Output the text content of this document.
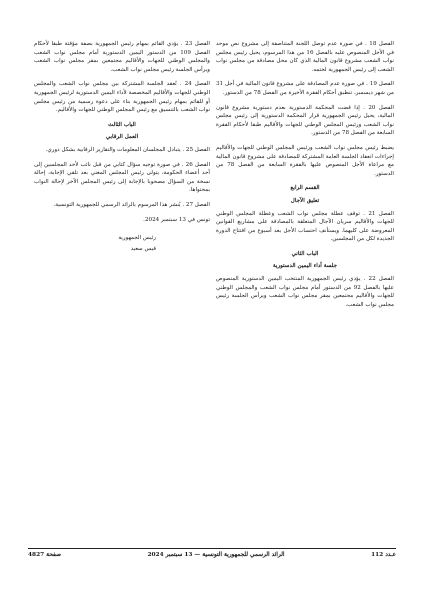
الفصل 18 . في صورة عدم توصل اللجنة المتناصفة إلى مشروع نص موحد في الأجل المنصوص عليه بالفصل 16 من هذا المرسوم، يحيل رئيس مجلس نواب الشعب مشروع قانون المالية الذي كان محل مصادقة من مجلس نواب الشعب إلى رئيس الجمهورية لختمه.

الفصل 19 . في صورة عدم المصادقة على مشروع قانون المالية في أجل 31 من شهر ديسمبر، تنطبق أحكام الفقرة الأخيرة من الفصل 78 من الدستور.

الفصل 20 . إذا قضت المحكمة الدستورية بعدم دستورية مشروع قانون المالية، يحيل رئيس الجمهورية قرار المحكمة الدستورية إلى رئيس مجلس نواب الشعب ورئيس المجلس الوطني للجهات والأقاليم طبقا لأحكام الفقرة السابعة من الفصل 78 من الدستور.

يضبط رئيس مجلس نواب الشعب ورئيس المجلس الوطني للجهات والأقاليم إجراءات انعقاد الجلسة العامة المشتركة للمصادقة على مشروع قانون المالية مع مراعاة الأجل المنصوص عليها بالفقرة السابعة من الفصل 78 من الدستور.

القسم الرابع
تعليق الآجال

الفصل 21 . توقف عطلة مجلس نواب الشعب وعطلة المجلس الوطني للجهات والأقاليم سريان الآجال المتعلقة بالمصادقة على مشاريع القوانين المعروضة على كليهما. ويستأنف احتساب الأجل بعد أسبوع من افتتاح الدورة الجديدة لكل من المجلسين.

الباب الثاني
جلسة أداء اليمين الدستورية

الفصل 22 . يؤدي رئيس الجمهورية المنتخب اليمين الدستورية المنصوص عليها بالفصل 92 من الدستور أمام مجلس نواب الشعب والمجلس الوطني للجهات والأقاليم مجتمعين بمقر مجلس نواب الشعب ويرأس الجلسة رئيس مجلس نواب الشعب.

الفصل 23 . يؤدي القائم بمهام رئيس الجمهورية بصفة مؤقتة طبقا لأحكام الفصل 109 من الدستور اليمين الدستورية أمام مجلس نواب الشعب والمجلس الوطني للجهات والأقاليم مجتمعين بمقر مجلس نواب الشعب ويرأس الجلسة رئيس مجلس نواب الشعب.

الفصل 24 . تُعقد الجلسة المشتركة بين مجلس نواب الشعب والمجلس الوطني للجهات والأقاليم المخصصة لأداء اليمين الدستورية لرئيس الجمهورية أو للقائم بمهام رئيس الجمهورية بناء على دعوة رسمية من رئيس مجلس نواب الشعب بالتنسيق مع رئيس المجلس الوطني للجهات والأقاليم.

الباب الثالث
العمل الرقابي

الفصل 25 . يتبادل المجلسان المعلومات والتقارير الرقابية بشكل دوري.

الفصل 26 . في صورة توجيه سؤال كتابي من قبل نائب لأحد المجلسين إلى أحد أعضاء الحكومة، يتولى رئيس المجلس المعني بعد تلقي الإجابة، إحالة نسخة من السؤال مصحوبا بالإجابة إلى رئيس المجلس الآخر لإحالة النواب بمحتواها.

الفصل 27 . يُنشر هذا المرسوم بالرائد الرسمي للجمهورية التونسية.

تونس في 13 سبتمبر 2024.

رئيس الجمهورية
قيس سعيد
عـدد 112
الرائد الرسمي للجمهورية التونسية — 13 سبتمبر 2024
صفحة 4827
